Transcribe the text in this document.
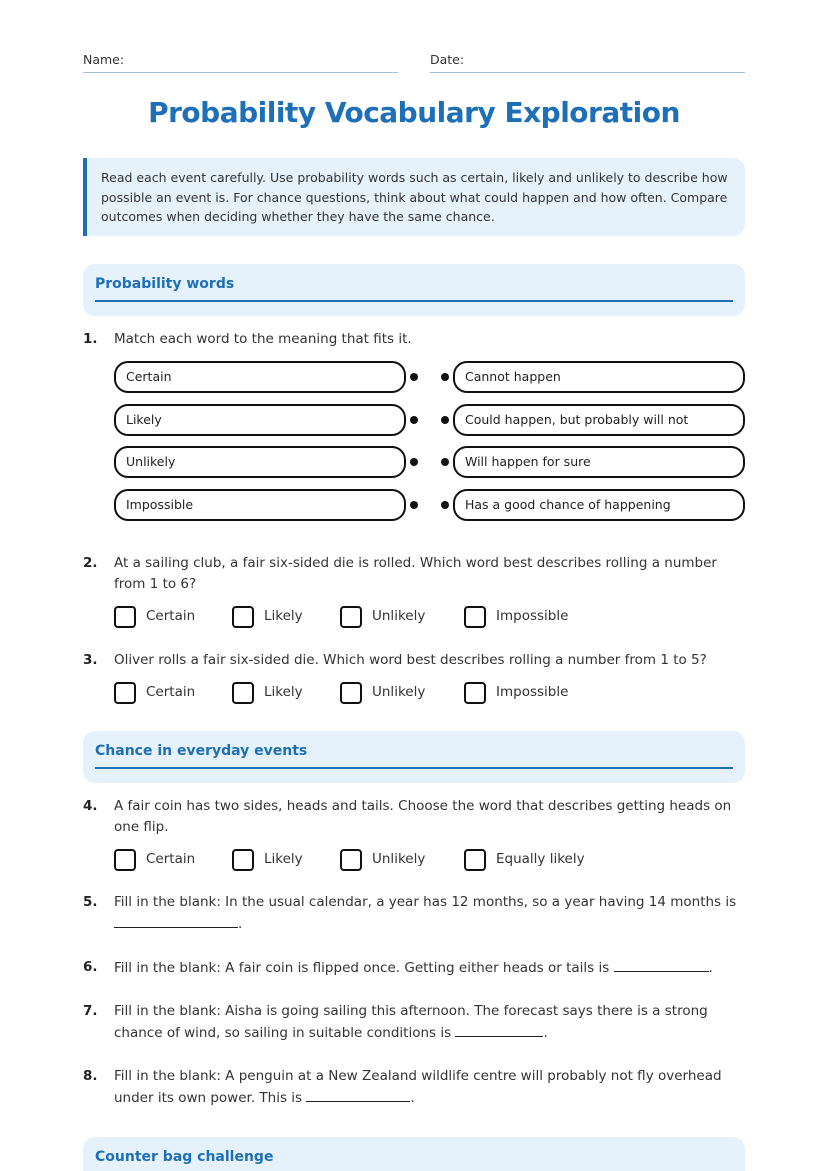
Name:	Date:
Probability Vocabulary Exploration
Read each event carefully. Use probability words such as certain, likely and unlikely to describe how possible an event is. For chance questions, think about what could happen and how often. Compare outcomes when deciding whether they have the same chance.
Probability words
1. Match each word to the meaning that fits it.
Certain
Likely
Unlikely
Impossible
Cannot happen
Could happen, but probably will not
Will happen for sure
Has a good chance of happening
2. At a sailing club, a fair six-sided die is rolled. Which word best describes rolling a number from 1 to 6?
Certain	Likely	Unlikely	Impossible
3. Oliver rolls a fair six-sided die. Which word best describes rolling a number from 1 to 5?
Certain	Likely	Unlikely	Impossible
Chance in everyday events
4. A fair coin has two sides, heads and tails. Choose the word that describes getting heads on one flip.
Certain	Likely	Unlikely	Equally likely
5. Fill in the blank: In the usual calendar, a year has 12 months, so a year having 14 months is
.
6. Fill in the blank: A fair coin is flipped once. Getting either heads or tails is	.
7. Fill in the blank: Aisha is going sailing this afternoon. The forecast says there is a strong chance of wind, so sailing in suitable conditions is	.
8. Fill in the blank: A penguin at a New Zealand wildlife centre will probably not fly overhead under its own power. This is	.
Counter bag challenge
